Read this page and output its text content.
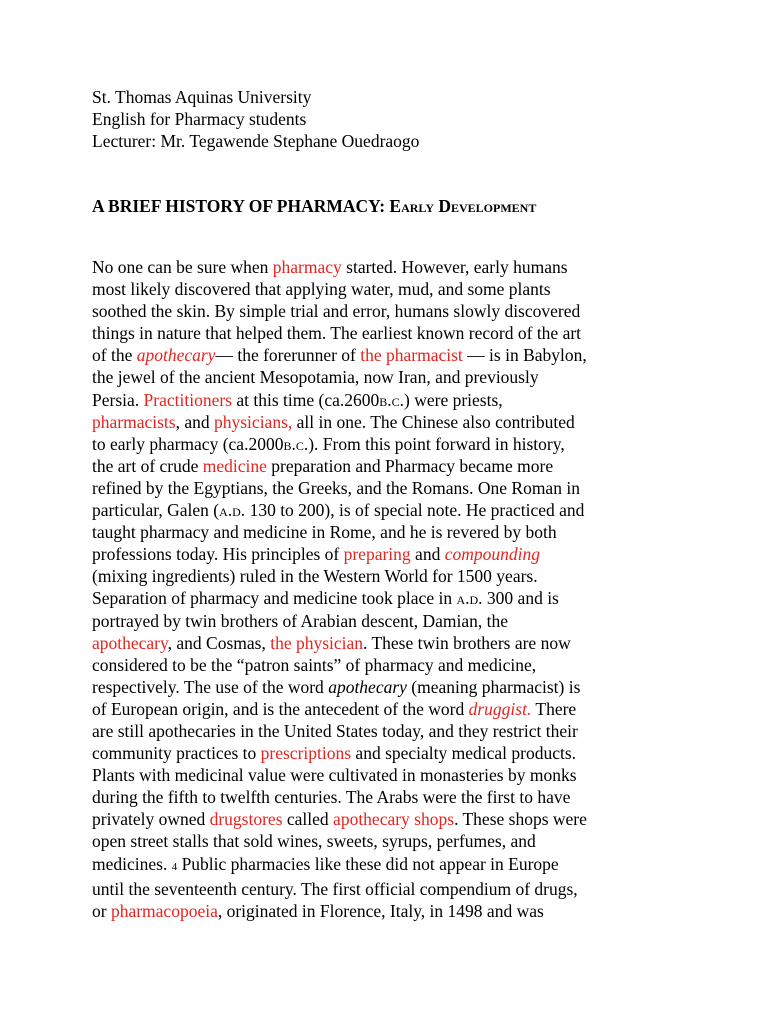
St. Thomas Aquinas University
English for Pharmacy students
Lecturer: Mr. Tegawende Stephane Ouedraogo
A BRIEF HISTORY OF PHARMACY: Early Development
No one can be sure when pharmacy started. However, early humans
most likely discovered that applying water, mud, and some plants
soothed the skin. By simple trial and error, humans slowly discovered
things in nature that helped them. The earliest known record of the art
of the apothecary— the forerunner of the pharmacist — is in Babylon,
the jewel of the ancient Mesopotamia, now Iran, and previously
Persia. Practitioners at this time (ca.2600b.c.) were priests,
pharmacists, and physicians, all in one. The Chinese also contributed
to early pharmacy (ca.2000b.c.). From this point forward in history,
the art of crude medicine preparation and Pharmacy became more
refined by the Egyptians, the Greeks, and the Romans. One Roman in
particular, Galen (a.d. 130 to 200), is of special note. He practiced and
taught pharmacy and medicine in Rome, and he is revered by both
professions today. His principles of preparing and compounding
(mixing ingredients) ruled in the Western World for 1500 years.
Separation of pharmacy and medicine took place in a.d. 300 and is
portrayed by twin brothers of Arabian descent, Damian, the
apothecary, and Cosmas, the physician. These twin brothers are now
considered to be the “patron saints” of pharmacy and medicine,
respectively. The use of the word apothecary (meaning pharmacist) is
of European origin, and is the antecedent of the word druggist. There
are still apothecaries in the United States today, and they restrict their
community practices to prescriptions and specialty medical products.
Plants with medicinal value were cultivated in monasteries by monks
during the fifth to twelfth centuries. The Arabs were the first to have
privately owned drugstores called apothecary shops. These shops were
open street stalls that sold wines, sweets, syrups, perfumes, and
medicines. 4 Public pharmacies like these did not appear in Europe
until the seventeenth century. The first official compendium of drugs,
or pharmacopoeia, originated in Florence, Italy, in 1498 and was
